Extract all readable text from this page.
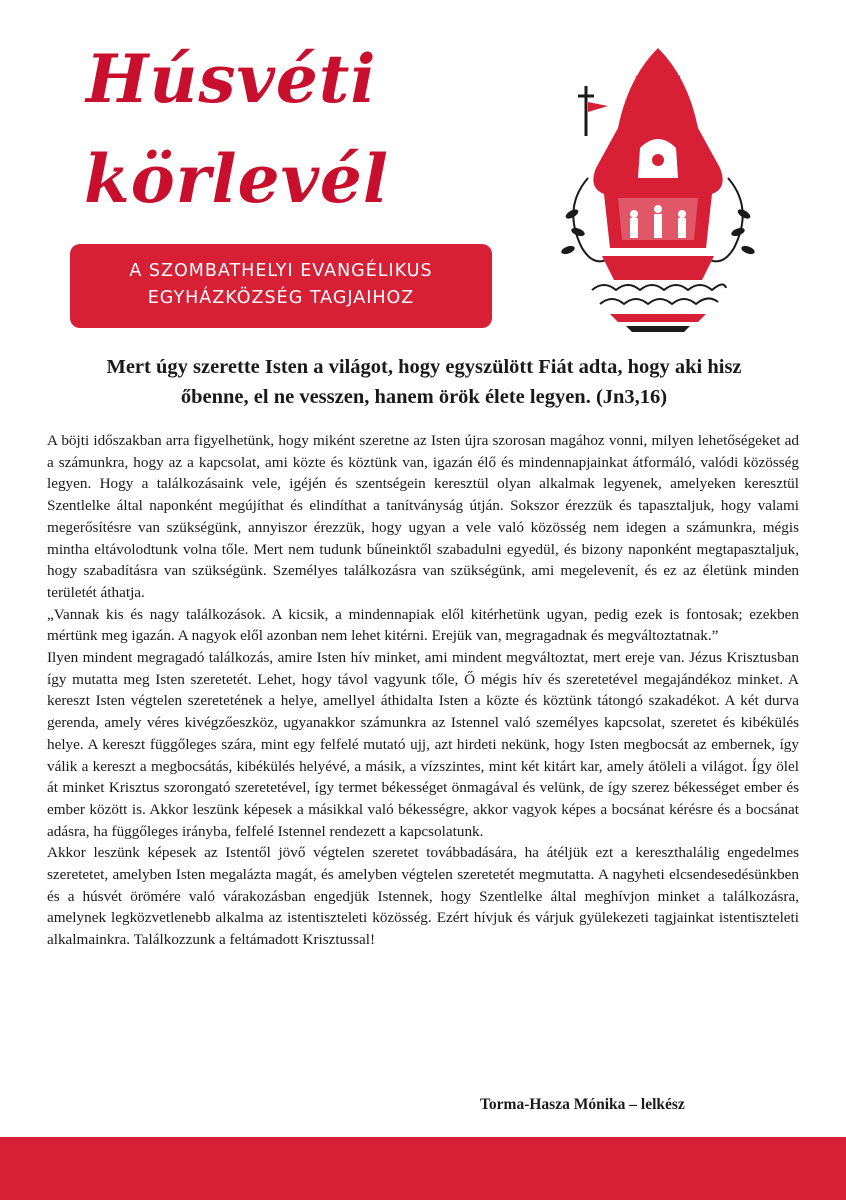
Húsvéti
körlevél
A SZOMBATHELYI EVANGÉLIKUS
EGYHÁZKÖZSÉG TAGJAIHOZ
Mert úgy szerette Isten a világot, hogy egyszülött Fiát adta, hogy aki hisz
őbenne, el ne vesszen, hanem örök élete legyen. (Jn3,16)

A böjti időszakban arra figyelhetünk, hogy miként szeretne az Isten újra szorosan magához vonni, milyen lehetőségeket ad a számunkra, hogy az a kapcsolat, ami közte és köztünk van, igazán élő és mindennapjainkat átformáló, valódi közösség legyen. Hogy a találkozásaink vele, igéjén és szentségein keresztül olyan alkalmak legyenek, amelyeken keresztül Szentlelke által naponként megújíthat és elindíthat a tanítványság útján. Sokszor érezzük és tapasztaljuk, hogy valami megerősítésre van szükségünk, annyiszor érezzük, hogy ugyan a vele való közösség nem idegen a számunkra, mégis mintha eltávolodtunk volna tőle. Mert nem tudunk bűneinktől szabadulni egyedül, és bizony naponként megtapasztaljuk, hogy szabadításra van szükségünk. Személyes találkozásra van szükségünk, ami megelevenít, és ez az életünk minden területét áthatja.

„Vannak kis és nagy találkozások. A kicsik, a mindennapiak elől kitérhetünk ugyan, pedig ezek is fontosak; ezekben mértünk meg igazán. A nagyok elől azonban nem lehet kitérni. Erejük van, megragadnak és megváltoztatnak.”

Ilyen mindent megragadó találkozás, amire Isten hív minket, ami mindent megváltoztat, mert ereje van. Jézus Krisztusban így mutatta meg Isten szeretetét. Lehet, hogy távol vagyunk tőle, Ő mégis hív és szeretetével megajándékoz minket. A kereszt Isten végtelen szeretetének a helye, amellyel áthidalta Isten a közte és köztünk tátongó szakadékot. A két durva gerenda, amely véres kivégzőeszköz, ugyanakkor számunkra az Istennel való személyes kapcsolat, szeretet és kibékülés helye. A kereszt függőleges szára, mint egy felfelé mutató ujj, azt hirdeti nekünk, hogy Isten megbocsát az embernek, így válik a kereszt a megbocsátás, kibékülés helyévé, a másik, a vízszintes, mint két kitárt kar, amely átöleli a világot. Így ölel át minket Krisztus szorongató szeretetével, így termet békességet önmagával és velünk, de így szerez békességet ember és ember között is. Akkor leszünk képesek a másikkal való békességre, akkor vagyok képes a bocsánat kérésre és a bocsánat adásra, ha függőleges irányba, felfelé Istennel rendezett a kapcsolatunk.

Akkor leszünk képesek az Istentől jövő végtelen szeretet továbbadására, ha átéljük ezt a kereszthalálig engedelmes szeretetet, amelyben Isten megalázta magát, és amelyben végtelen szeretetét megmutatta. A nagyheti elcsendesedésünkben és a húsvét örömére való várakozásban engedjük Istennek, hogy Szentlelke által meghívjon minket a találkozásra, amelynek legközvetlenebb alkalma az istentiszteleti közösség. Ezért hívjuk és várjuk gyülekezeti tagjainkat istentiszteleti alkalmainkra. Találkozzunk a feltámadott Krisztussal!

Torma-Hasza Mónika – lelkész
